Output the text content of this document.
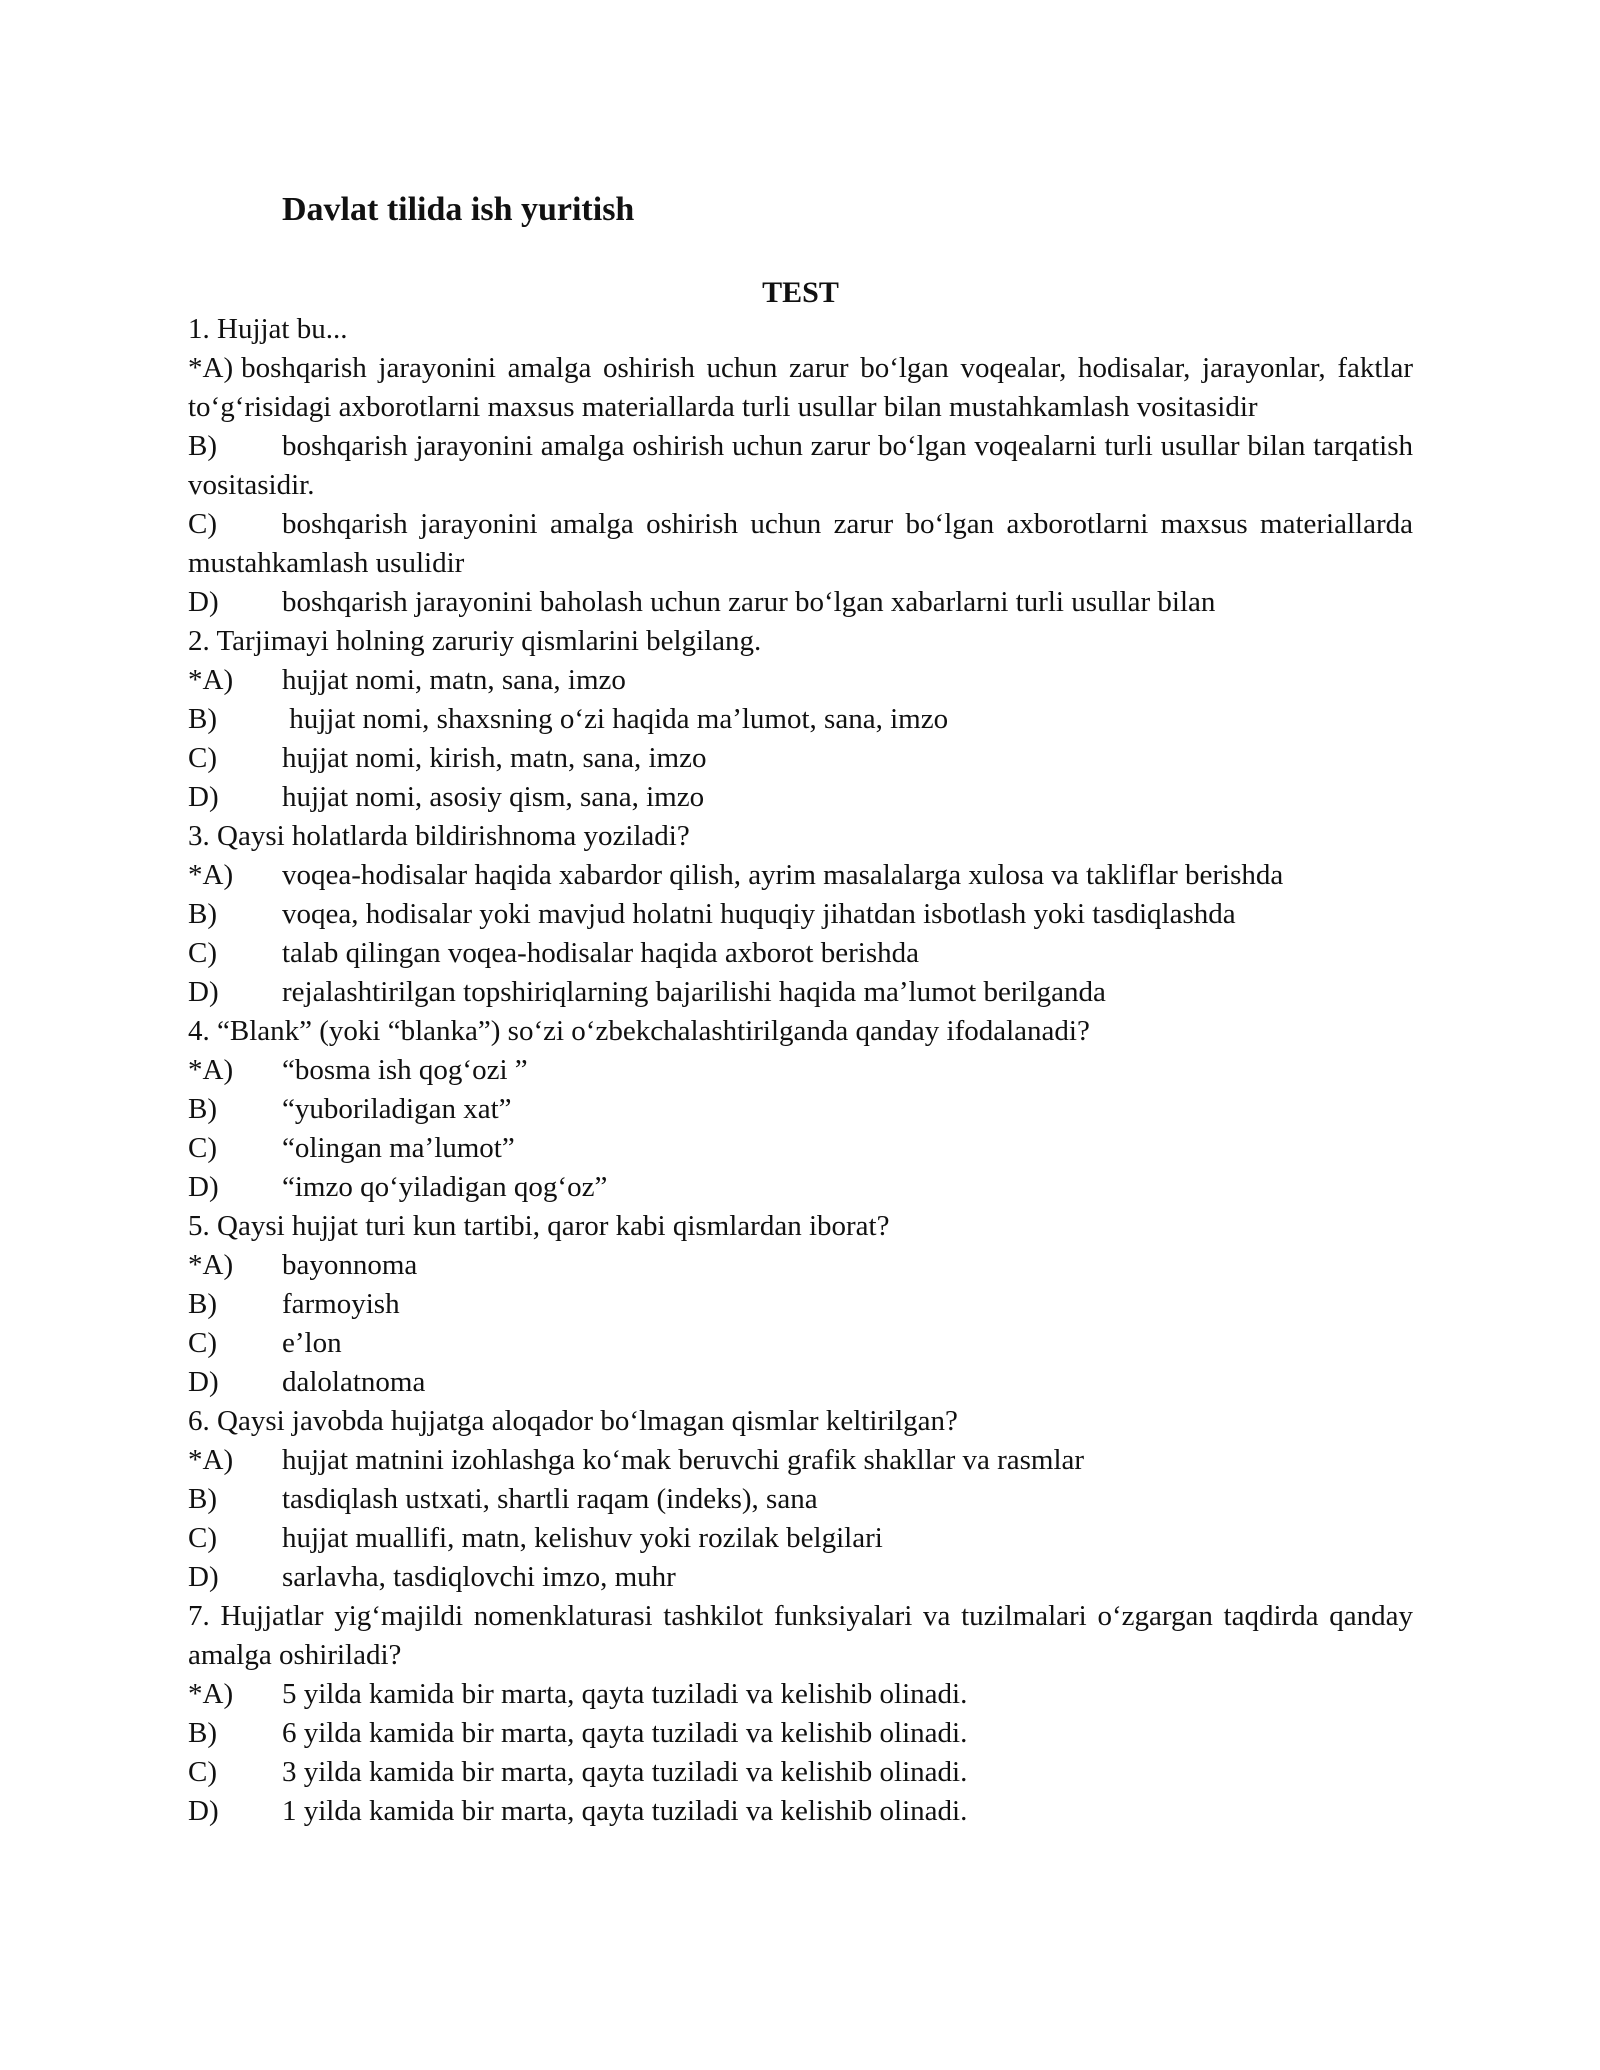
Davlat tilida ish yuritish
TEST

1. Hujjat bu...

*A) boshqarish jarayonini amalga oshirish uchun zarur bo‘lgan voqealar, hodisalar, jarayonlar, faktlar to‘g‘risidagi axborotlarni maxsus materiallarda turli usullar bilan mustahkamlash vositasidir

B) boshqarish jarayonini amalga oshirish uchun zarur bo‘lgan voqealarni turli usullar bilan tarqatish vositasidir.

C) boshqarish jarayonini amalga oshirish uchun zarur bo‘lgan axborotlarni maxsus materiallarda mustahkamlash usulidir

D)	boshqarish jarayonini baholash uchun zarur bo‘lgan xabarlarni turli usullar bilan

2. Tarjimayi holning zaruriy qismlarini belgilang.

*A)	hujjat nomi, matn, sana, imzo

B)	hujjat nomi, shaxsning o‘zi haqida ma’lumot, sana, imzo

C)	hujjat nomi, kirish, matn, sana, imzo

D)	hujjat nomi, asosiy qism, sana, imzo

3. Qaysi holatlarda bildirishnoma yoziladi?

*A)	voqea-hodisalar haqida xabardor qilish, ayrim masalalarga xulosa va takliflar berishda

B)	voqea, hodisalar yoki mavjud holatni huquqiy jihatdan isbotlash yoki tasdiqlashda

C)	talab qilingan voqea-hodisalar haqida axborot berishda

D)	rejalashtirilgan topshiriqlarning bajarilishi haqida ma’lumot berilganda

4. “Blank” (yoki “blanka”) so‘zi o‘zbekchalashtirilganda qanday ifodalanadi?

*A)	“bosma ish qog‘ozi ”

B)	“yuboriladigan xat”

C)	“olingan ma’lumot”

D)	“imzo qo‘yiladigan qog‘oz”

5. Qaysi hujjat turi kun tartibi, qaror kabi qismlardan iborat?

*A)	bayonnoma

B)	farmoyish

C)	e’lon

D)	dalolatnoma

6. Qaysi javobda hujjatga aloqador bo‘lmagan qismlar keltirilgan?

*A)	hujjat matnini izohlashga ko‘mak beruvchi grafik shakllar va rasmlar

B)	tasdiqlash ustxati, shartli raqam (indeks), sana

C)	hujjat muallifi, matn, kelishuv yoki rozilak belgilari

D)	sarlavha, tasdiqlovchi imzo, muhr

7. Hujjatlar yig‘majildi nomenklaturasi tashkilot funksiyalari va tuzilmalari o‘zgargan taqdirda qanday amalga oshiriladi?

*A)	5 yilda kamida bir marta, qayta tuziladi va kelishib olinadi.

B)	6 yilda kamida bir marta, qayta tuziladi va kelishib olinadi.

C)	3 yilda kamida bir marta, qayta tuziladi va kelishib olinadi.

D)	1 yilda kamida bir marta, qayta tuziladi va kelishib olinadi.
